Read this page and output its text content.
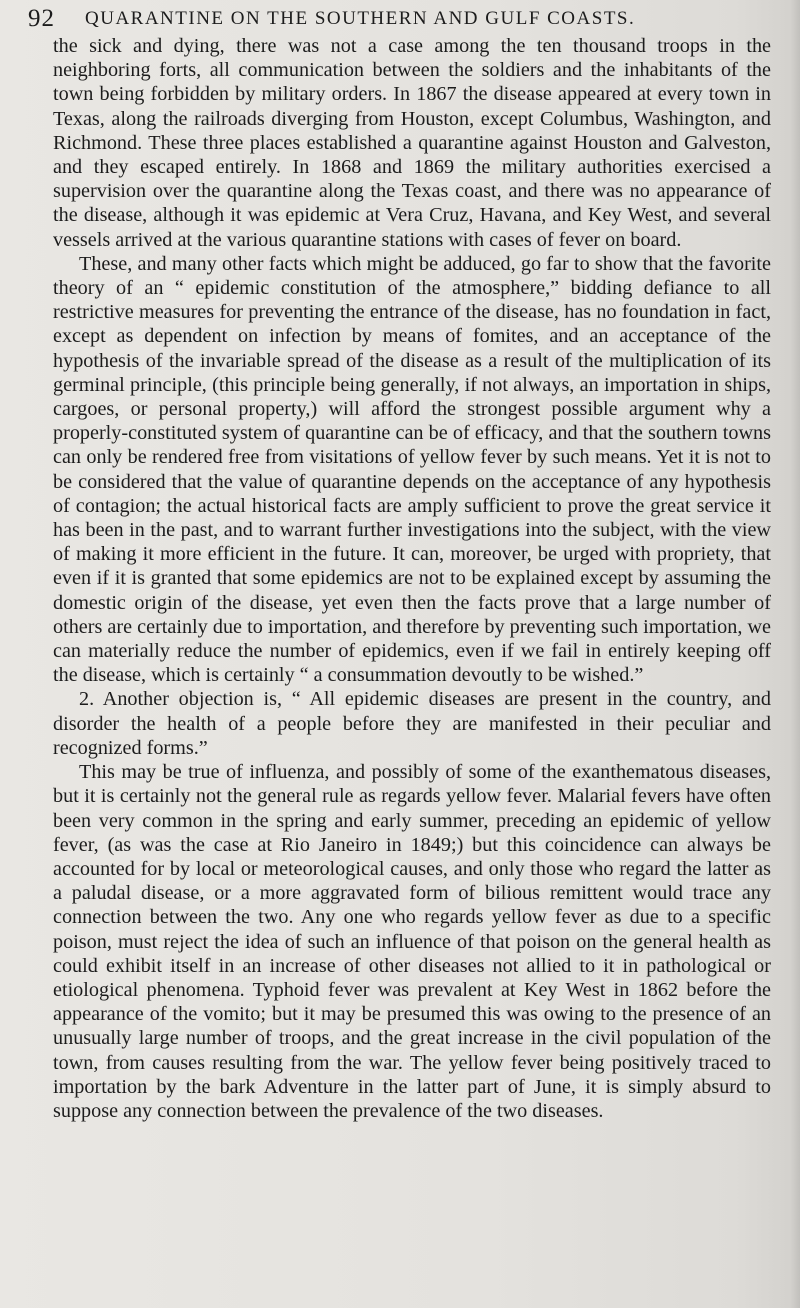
92 QUARANTINE ON THE SOUTHERN AND GULF COASTS.

the sick and dying, there was not a case among the ten thousand troops in the neighboring forts, all communication between the soldiers and the inhabitants of the town being forbidden by military orders. In 1867 the disease appeared at every town in Texas, along the railroads diverging from Houston, except Columbus, Washington, and Richmond. These three places established a quarantine against Houston and Galveston, and they escaped entirely. In 1868 and 1869 the military authorities exercised a supervision over the quarantine along the Texas coast, and there was no appearance of the disease, although it was epidemic at Vera Cruz, Havana, and Key West, and several vessels arrived at the various quarantine stations with cases of fever on board.

These, and many other facts which might be adduced, go far to show that the favorite theory of an “ epidemic constitution of the atmosphere,” bidding defiance to all restrictive measures for preventing the entrance of the disease, has no foundation in fact, except as dependent on infection by means of fomites, and an acceptance of the hypothesis of the invariable spread of the disease as a result of the multiplication of its germinal principle, (this principle being generally, if not always, an importation in ships, cargoes, or personal property,) will afford the strongest possible argument why a properly-constituted system of quarantine can be of efficacy, and that the southern towns can only be rendered free from visitations of yellow fever by such means. Yet it is not to be considered that the value of quarantine depends on the acceptance of any hypothesis of contagion; the actual historical facts are amply sufficient to prove the great service it has been in the past, and to warrant further investigations into the subject, with the view of making it more efficient in the future. It can, moreover, be urged with propriety, that even if it is granted that some epidemics are not to be explained except by assuming the domestic origin of the disease, yet even then the facts prove that a large number of others are certainly due to importation, and therefore by preventing such importation, we can materially reduce the number of epidemics, even if we fail in entirely keeping off the disease, which is certainly “ a consummation devoutly to be wished.”

2. Another objection is, “ All epidemic diseases are present in the country, and disorder the health of a people before they are manifested in their peculiar and recognized forms.”

This may be true of influenza, and possibly of some of the exanthematous diseases, but it is certainly not the general rule as regards yellow fever. Malarial fevers have often been very common in the spring and early summer, preceding an epidemic of yellow fever, (as was the case at Rio Janeiro in 1849;) but this coincidence can always be accounted for by local or meteorological causes, and only those who regard the latter as a paludal disease, or a more aggravated form of bilious remittent would trace any connection between the two. Any one who regards yellow fever as due to a specific poison, must reject the idea of such an influence of that poison on the general health as could exhibit itself in an increase of other diseases not allied to it in pathological or etiological phenomena. Typhoid fever was prevalent at Key West in 1862 before the appearance of the vomito; but it may be presumed this was owing to the presence of an unusually large number of troops, and the great increase in the civil population of the town, from causes resulting from the war. The yellow fever being positively traced to importation by the bark Adventure in the latter part of June, it is simply absurd to suppose any connection between the prevalence of the two diseases.
